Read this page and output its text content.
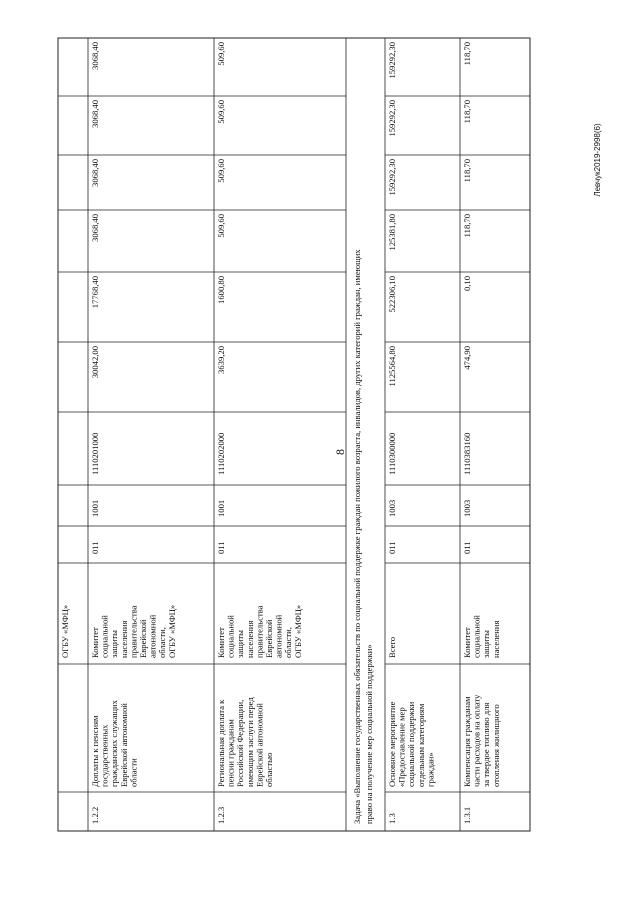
8
Левчук2019-2998(6)
ОГБУ «МФЦ»
1.2.2
Доплаты к пенсиям государственных гражданских служащих Еврейской автономной области
Комитет социальной защиты населения правительства Еврейской автономной области, ОГБУ «МФЦ»
011
1001
1110201000
30042,00
17768,40
3068,40
3068,40
3068,40
3068,40
1.2.3
Региональная доплата к пенсии гражданам Российской Федерации, имеющим заслуги перед Еврейской автономной областью
Комитет социальной защиты населения правительства Еврейской автономной области, ОГБУ «МФЦ»
011
1001
1110202000
3639,20
1600,80
509,60
509,60
509,60
509,60
1.3
Основное мероприятие «Предоставление мер социальной поддержки отдельным категориям граждан»
Всего
011
1003
1110300000
1125564,80
522306,10
125381,80
159292,30
159292,30
159292,30
1.3.1
Компенсация гражданам части расходов на оплату за твердое топливо для отопления жилищного
Комитет социальной защиты населения
011
1003
1110383160
474,90
0,10
118,70
118,70
118,70
118,70
Задача «Выполнение государственных обязательств по социальной поддержке граждан пожилого возраста, инвалидов, других категорий граждан, имеющих право на получение мер социальной поддержки»
